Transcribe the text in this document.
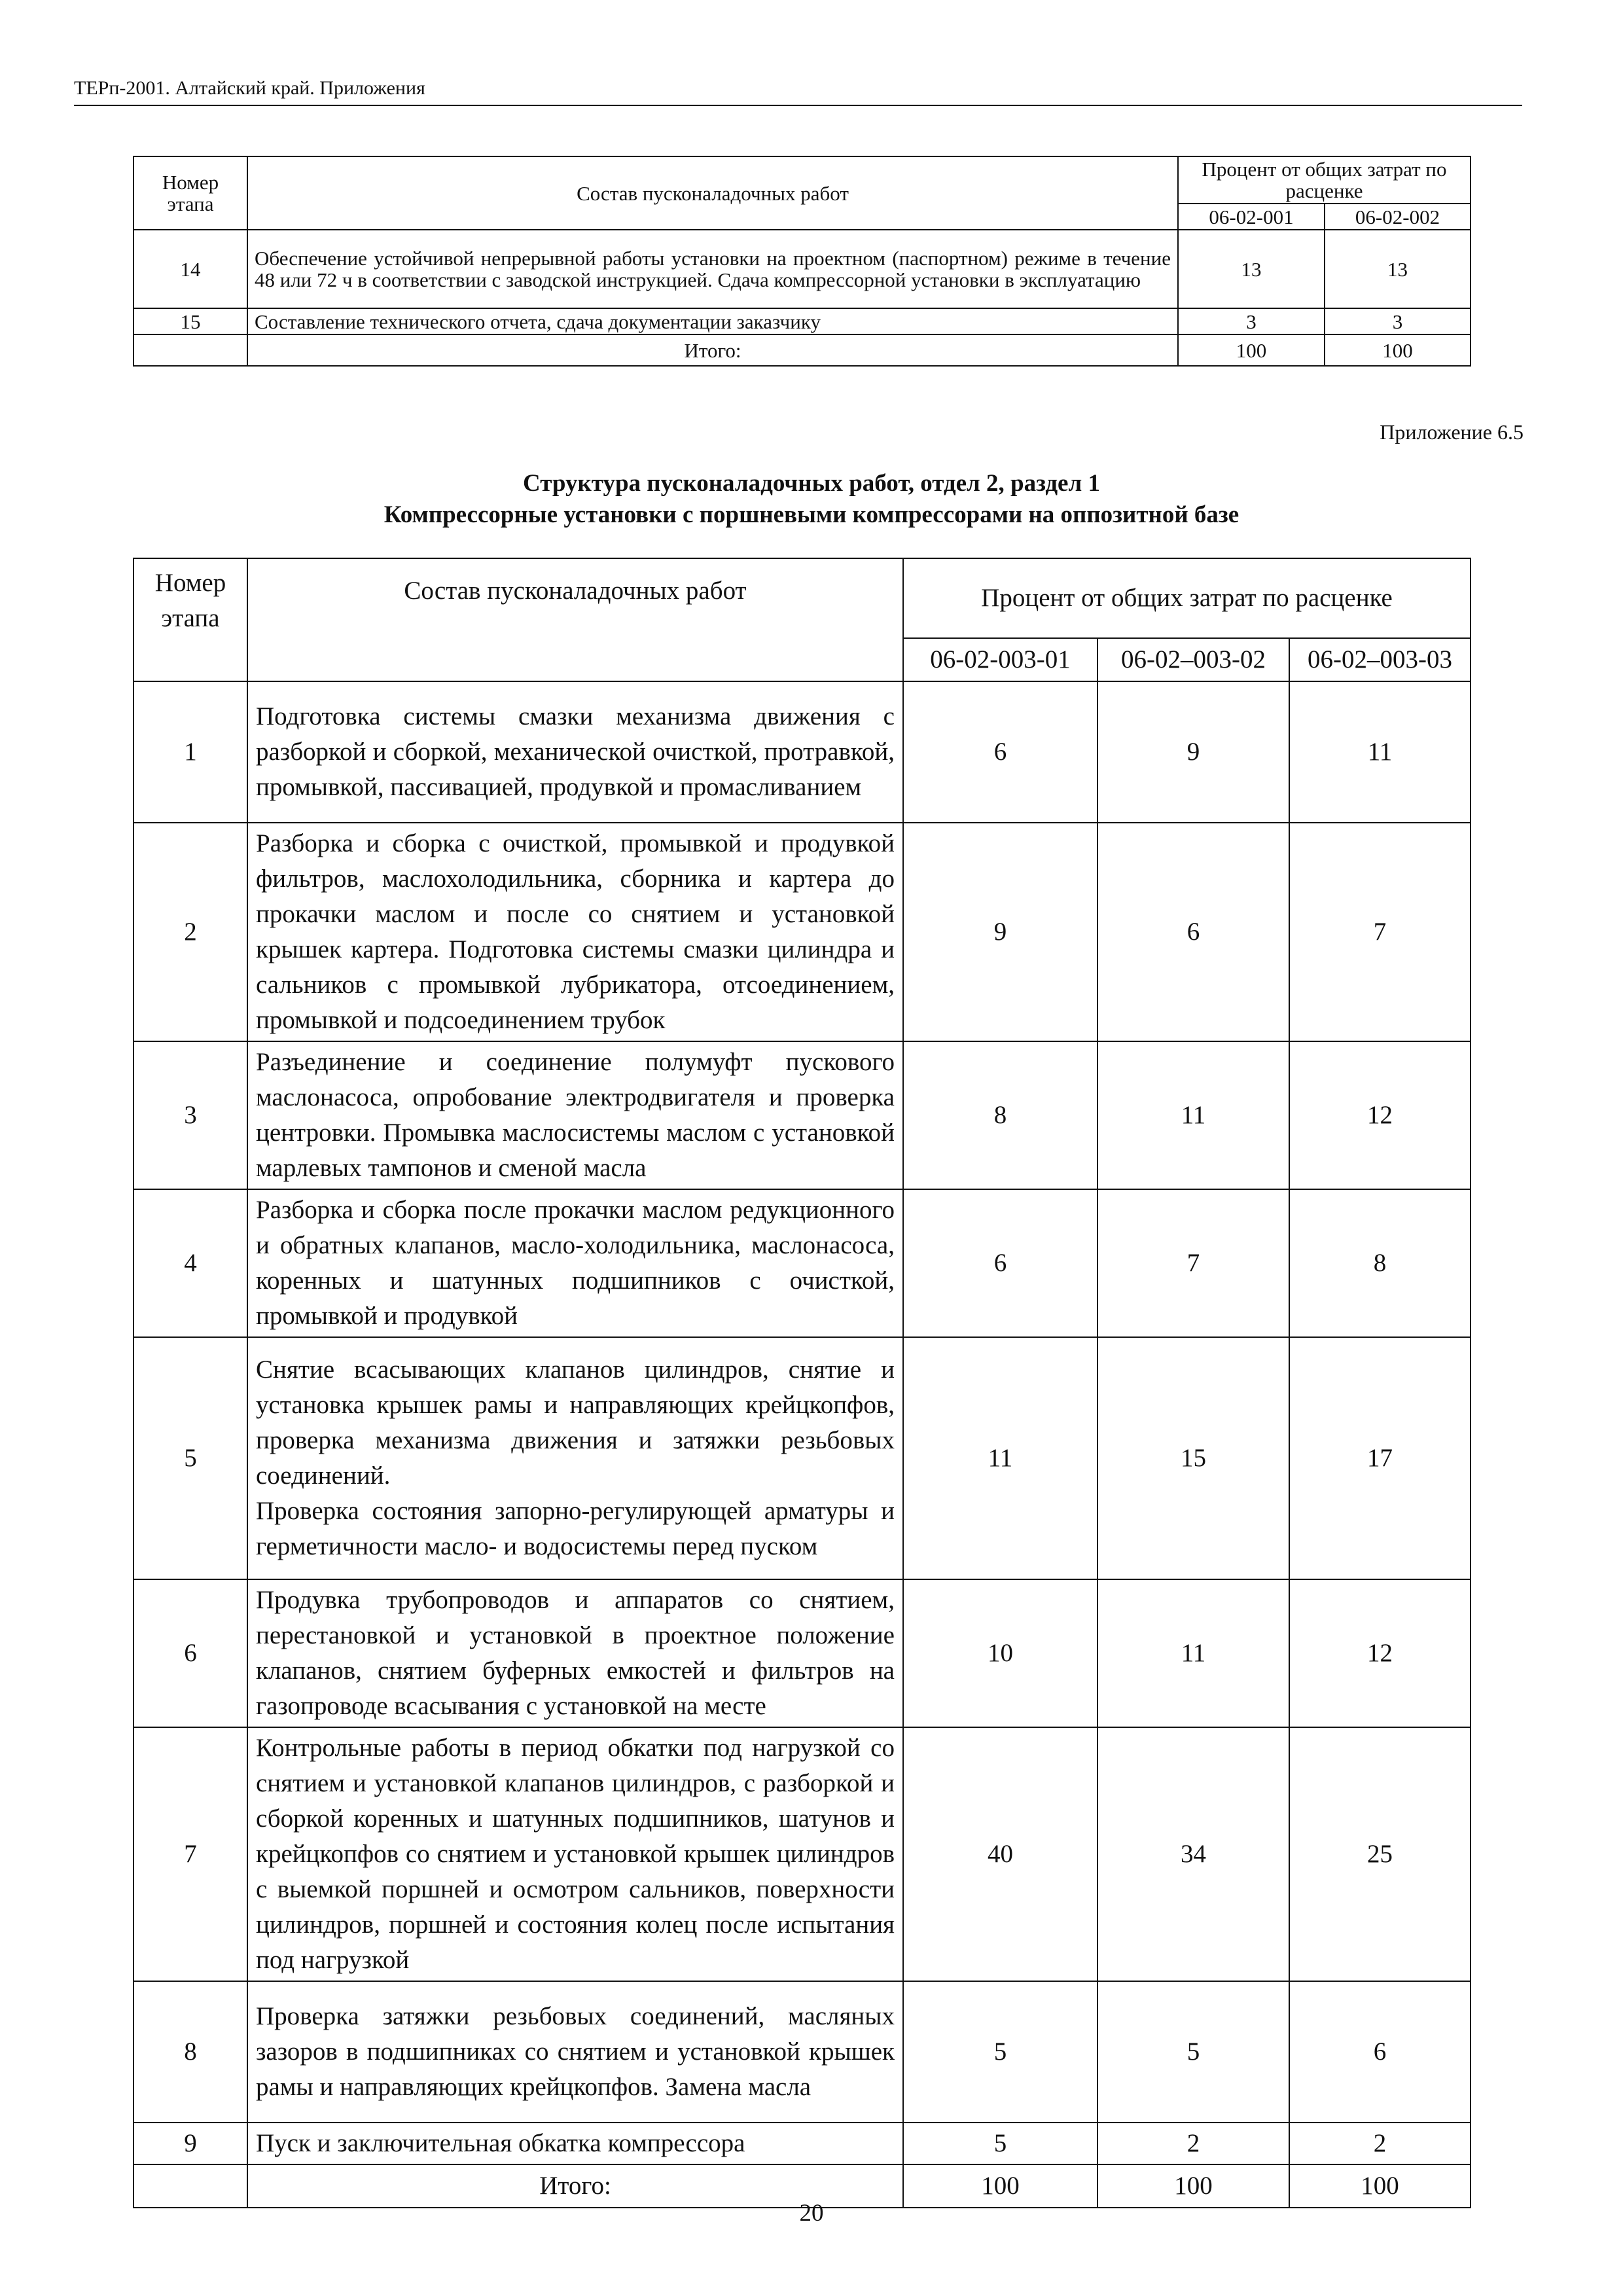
ТЕРп-2001. Алтайский край. Приложения
Номер этапа	Состав пусконаладочных работ	Процент от общих затрат по расценке	
		06-02-001	06-02-002
14	Обеспечение устойчивой непрерывной работы установки на проектном (паспортном) режиме в течение 48 или 72 ч в соответствии с заводской инструкцией. Сдача компрессорной установки в эксплуатацию	13	13
15	Составление технического отчета, сдача документации заказчику	3	3
	Итого:	100	100
Приложение 6.5
Структура пусконаладочных работ, отдел 2, раздел 1
Компрессорные установки с поршневыми компрессорами на оппозитной базе
Номер этапа	Состав пусконаладочных работ	Процент от общих затрат по расценке		
		06-02-003-01	06-02–003-02	06-02–003-03
1	Подготовка системы смазки механизма движения с разборкой и сборкой, механической очисткой, протравкой, промывкой, пассивацией, продувкой и промасливанием	6	9	11
2	Разборка и сборка с очисткой, промывкой и продувкой фильтров, маслохолодильника, сборника и картера до прокачки маслом и после со снятием и установкой крышек картера. Подготовка системы смазки цилиндра и сальников с промывкой лубрикатора, отсоединением, промывкой и подсоединением трубок	9	6	7
3	Разъединение и соединение полумуфт пускового маслонасоса, опробование электродвигателя и проверка центровки. Промывка маслосистемы маслом с установкой марлевых тампонов и сменой масла	8	11	12
4	Разборка и сборка после прокачки маслом редукционного и обратных клапанов, масло-холодильника, маслонасоса, коренных и шатунных подшипников с очисткой, промывкой и продувкой	6	7	8
5	Снятие всасывающих клапанов цилиндров, снятие и установка крышек рамы и направляющих крейцкопфов, проверка механизма движения и затяжки резьбовых соединений.
Проверка состояния запорно-регулирующей арматуры и герметичности масло- и водосистемы перед пуском	11	15	17
6	Продувка трубопроводов и аппаратов со снятием, перестановкой и установкой в проектное положение клапанов, снятием буферных емкостей и фильтров на газопроводе всасывания с установкой на месте	10	11	12
7	Контрольные работы в период обкатки под нагрузкой со снятием и установкой клапанов цилиндров, с разборкой и сборкой коренных и шатунных подшипников, шатунов и крейцкопфов со снятием и установкой крышек цилиндров с выемкой поршней и осмотром сальников, поверхности цилиндров, поршней и состояния колец после испытания под нагрузкой	40	34	25
8	Проверка затяжки резьбовых соединений, масляных зазоров в подшипниках со снятием и установкой крышек рамы и направляющих крейцкопфов. Замена масла	5	5	6
9	Пуск и заключительная обкатка компрессора	5	2	2
	Итого:	100	100	100
20
